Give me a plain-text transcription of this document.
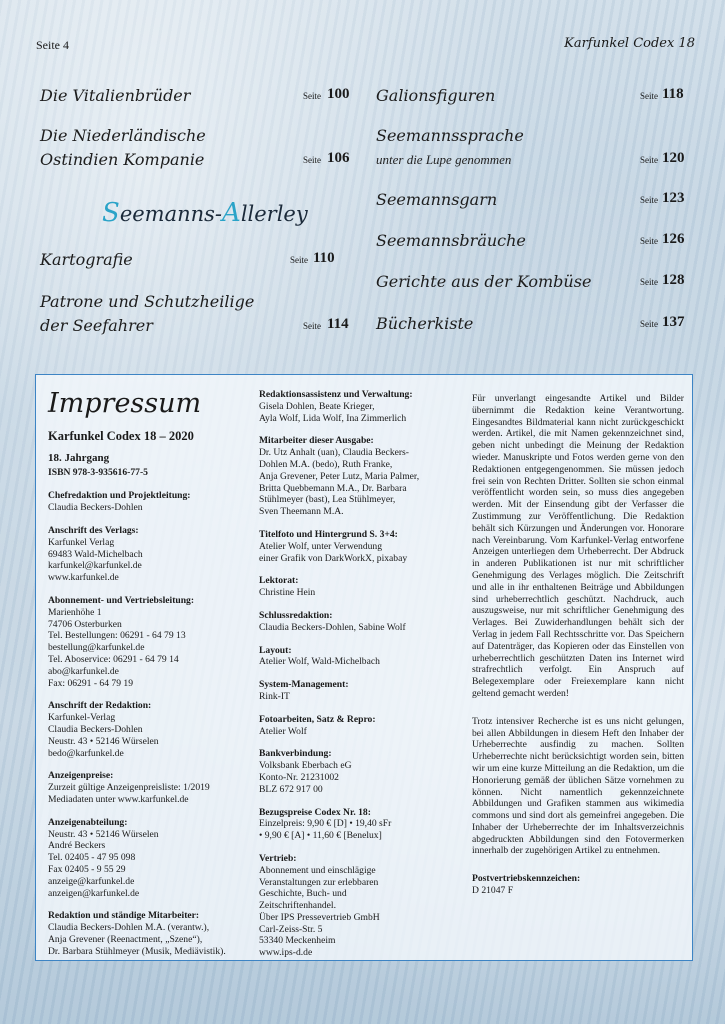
Seite 4	Karfunkel Codex 18
Die Vitalienbrüder	Seite 100
Die Niederländische
Ostindien Kompanie	Seite 106
Seemanns-Allerley
Kartografie	Seite 110
Patrone und Schutzheilige
der Seefahrer	Seite 114
Galionsfiguren	Seite 118
Seemannssprache
unter die Lupe genommen	Seite 120
Seemannsgarn	Seite 123
Seemannsbräuche	Seite 126
Gerichte aus der Kombüse	Seite 128
Bücherkiste	Seite 137
Impressum
Karfunkel Codex 18 – 2020
18. Jahrgang
ISBN 978-3-935616-77-5
Chefredaktion und Projektleitung:
Claudia Beckers-Dohlen
Anschrift des Verlags:
Karfunkel Verlag
69483 Wald-Michelbach
karfunkel@karfunkel.de
www.karfunkel.de
Abonnement- und Vertriebsleitung:
Marienhöhe 1
74706 Osterburken
Tel. Bestellungen: 06291 - 64 79 13
bestellung@karfunkel.de
Tel. Aboservice: 06291 - 64 79 14
abo@karfunkel.de
Fax: 06291 - 64 79 19
Anschrift der Redaktion:
Karfunkel-Verlag
Claudia Beckers-Dohlen
Neustr. 43 • 52146 Würselen
bedo@karfunkel.de
Anzeigenpreise:
Zurzeit gültige Anzeigenpreisliste: 1/2019
Mediadaten unter www.karfunkel.de
Anzeigenabteilung:
Neustr. 43 • 52146 Würselen
André Beckers
Tel. 02405 - 47 95 098
Fax 02405 - 9 55 29
anzeige@karfunkel.de
anzeigen@karfunkel.de
Redaktion und ständige Mitarbeiter:
Claudia Beckers-Dohlen M.A. (verantw.),
Anja Grevener (Reenactment, „Szene“),
Dr. Barbara Stühlmeyer (Musik, Mediävistik).
Redaktionsassistenz und Verwaltung:
Gisela Dohlen, Beate Krieger,
Ayla Wolf, Lida Wolf, Ina Zimmerlich
Mitarbeiter dieser Ausgabe:
Dr. Utz Anhalt (uan), Claudia Beckers-
Dohlen M.A. (bedo), Ruth Franke,
Anja Grevener, Peter Lutz, Maria Palmer,
Britta Quebbemann M.A., Dr. Barbara
Stühlmeyer (bast), Lea Stühlmeyer,
Sven Theemann M.A.
Titelfoto und Hintergrund S. 3+4:
Atelier Wolf, unter Verwendung
einer Grafik von DarkWorkX, pixabay
Lektorat:
Christine Hein
Schlussredaktion:
Claudia Beckers-Dohlen, Sabine Wolf
Layout:
Atelier Wolf, Wald-Michelbach
System-Management:
Rink-IT
Fotoarbeiten, Satz & Repro:
Atelier Wolf
Bankverbindung:
Volksbank Eberbach eG
Konto-Nr. 21231002
BLZ 672 917 00
Bezugspreise Codex Nr. 18:
Einzelpreis: 9,90 € [D] • 19,40 sFr
• 9,90 € [A] • 11,60 € [Benelux]
Vertrieb:
Abonnement und einschlägige
Veranstaltungen zur erlebbaren
Geschichte, Buch- und
Zeitschriftenhandel.
Über IPS Pressevertrieb GmbH
Carl-Zeiss-Str. 5
53340 Meckenheim
www.ips-d.de

Für unverlangt eingesandte Artikel und Bilder übernimmt die Redaktion keine Verantwortung. Eingesandtes Bildmaterial kann nicht zurückgeschickt werden. Artikel, die mit Namen gekennzeichnet sind, geben nicht unbedingt die Meinung der Redaktion wieder. Manuskripte und Fotos werden gerne von den Redaktionen entgegengenommen. Sie müssen jedoch frei sein von Rechten Dritter. Sollten sie schon einmal veröffentlicht worden sein, so muss dies angegeben werden. Mit der Einsendung gibt der Verfasser die Zustimmung zur Veröffentlichung. Die Redaktion behält sich Kürzungen und Änderungen vor. Honorare nach Vereinbarung. Vom Karfunkel-Verlag entworfene Anzeigen unterliegen dem Urheberrecht. Der Abdruck in anderen Publikationen ist nur mit schriftlicher Genehmigung des Verlages möglich. Die Zeitschrift und alle in ihr enthaltenen Beiträge und Abbildungen sind urheberrechtlich geschützt. Nachdruck, auch auszugsweise, nur mit schriftlicher Genehmigung des Verlages. Bei Zuwiderhandlungen behält sich der Verlag in jedem Fall Rechtsschritte vor. Das Speichern auf Datenträger, das Kopieren oder das Einstellen von urheberrechtlich geschützten Daten ins Internet wird strafrechtlich verfolgt. Ein Anspruch auf Belegexemplare oder Freiexemplare kann nicht geltend gemacht werden!

Trotz intensiver Recherche ist es uns nicht gelungen, bei allen Abbildungen in diesem Heft den Inhaber der Urheberrechte ausfindig zu machen. Sollten Urheberrechte nicht berücksichtigt worden sein, bitten wir um eine kurze Mitteilung an die Redaktion, um die Honorierung gemäß der üblichen Sätze vornehmen zu können. Nicht namentlich gekennzeichnete Abbildungen und Grafiken stammen aus wikimedia commons und sind dort als gemeinfrei angegeben. Die Inhaber der Urheberrechte der im Inhaltsverzeichnis abgedruckten Abbildungen sind den Fotovermerken innerhalb der zugehörigen Artikel zu entnehmen.

Postvertriebskennzeichen:
D 21047 F
